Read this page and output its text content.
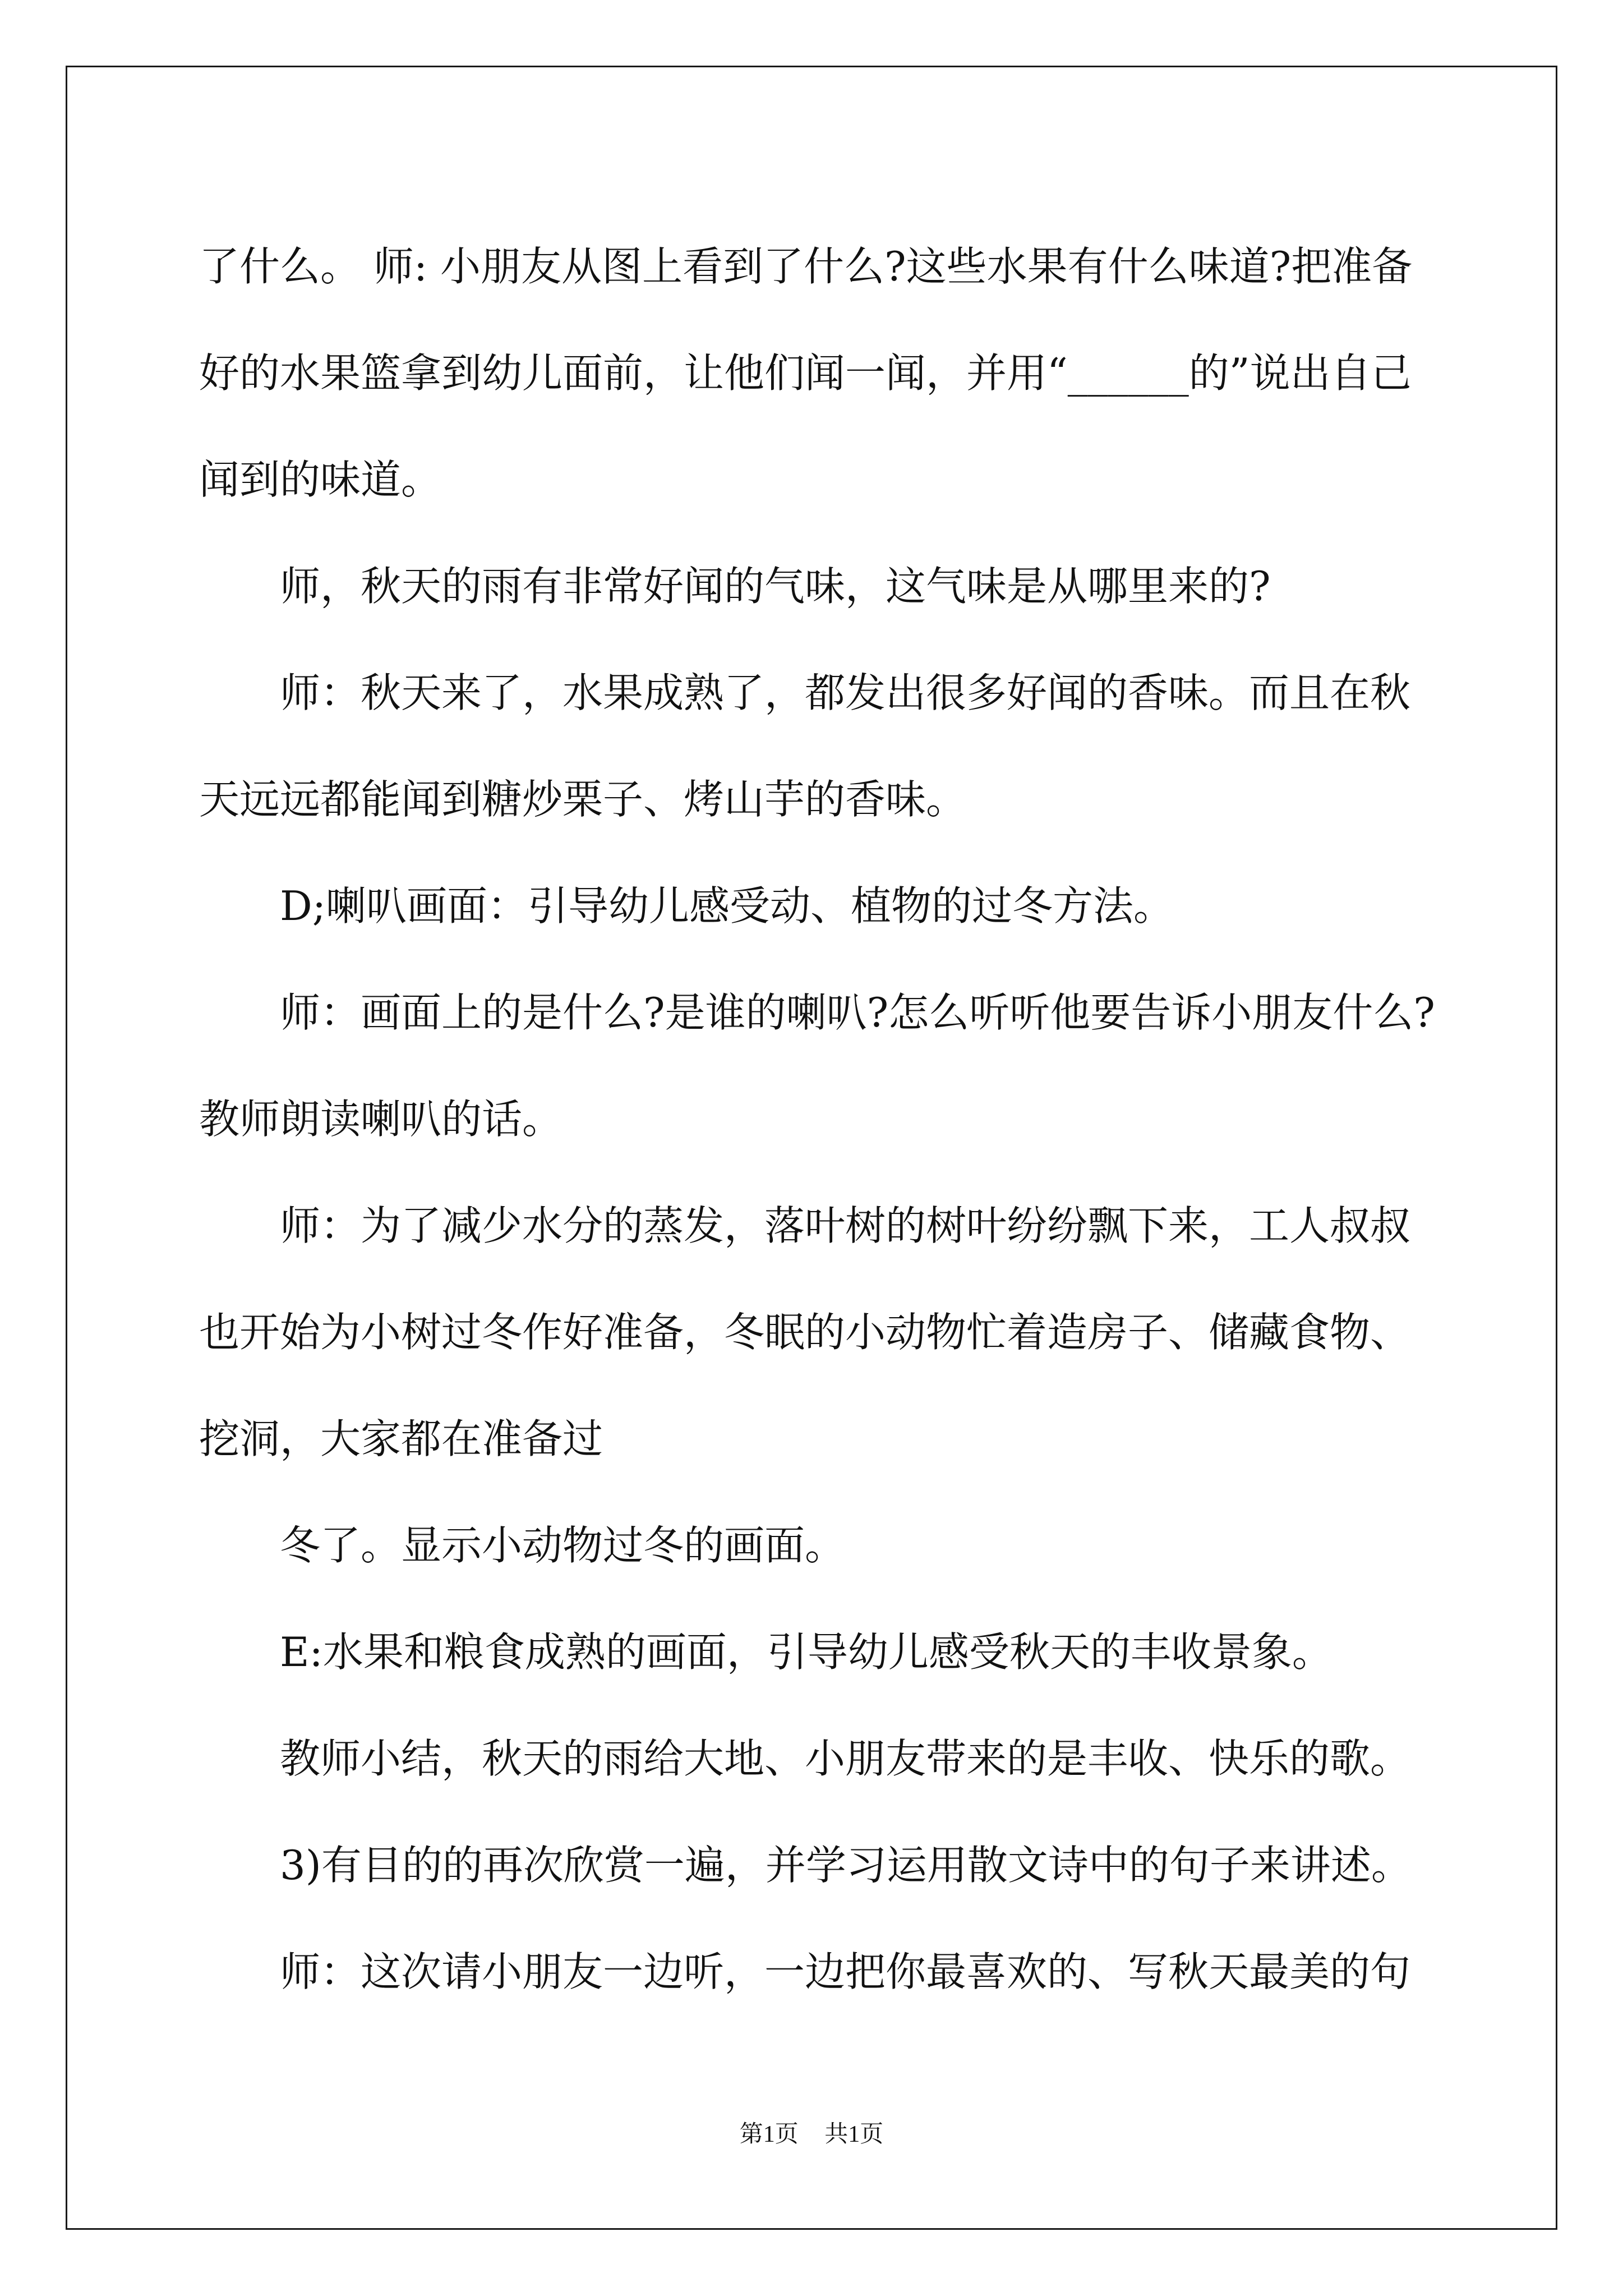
了什么。 师: 小朋友从图上看到了什么?这些水果有什么味道?把准备
好的水果篮拿到幼儿面前，让他们闻一闻，并用“______的”说出自己
闻到的味道。
师，秋天的雨有非常好闻的气味，这气味是从哪里来的?
师：秋天来了，水果成熟了，都发出很多好闻的香味。而且在秋
天远远都能闻到糖炒栗子、烤山芋的香味。
D;喇叭画面：引导幼儿感受动、植物的过冬方法。
师：画面上的是什么?是谁的喇叭?怎么听听他要告诉小朋友什么?
教师朗读喇叭的话。
师：为了减少水分的蒸发，落叶树的树叶纷纷飘下来，工人叔叔
也开始为小树过冬作好准备，冬眠的小动物忙着造房子、储藏食物、
挖洞，大家都在准备过
冬了。显示小动物过冬的画面。
E:水果和粮食成熟的画面，引导幼儿感受秋天的丰收景象。
教师小结，秋天的雨给大地、小朋友带来的是丰收、快乐的歌。
3)有目的的再次欣赏一遍，并学习运用散文诗中的句子来讲述。
师：这次请小朋友一边听，一边把你最喜欢的、写秋天最美的句
第1页 共1页
